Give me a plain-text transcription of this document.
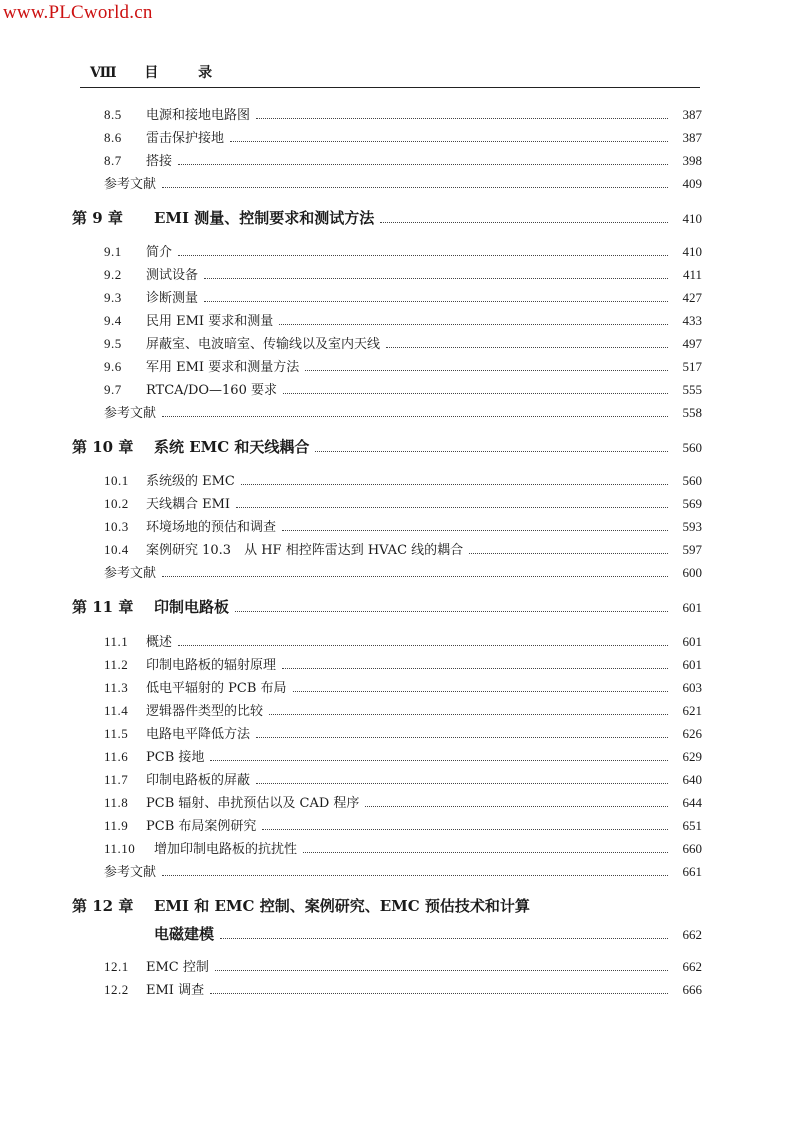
www.PLCworld.cn
Ⅷ 目	录
8.5	电源和接地电路图	387
8.6	雷击保护接地	387
8.7	搭接	398
参考文献	409
第 9 章	EMI 测量、控制要求和测试方法	410
9.1	简介	410
9.2	测试设备	411
9.3	诊断测量	427
9.4	民用 EMI 要求和测量	433
9.5	屏蔽室、电波暗室、传输线以及室内天线	497
9.6	军用 EMI 要求和测量方法	517
9.7	RTCA/DO—160 要求	555
参考文献	558
第 10 章	系统 EMC 和天线耦合	560
10.1	系统级的 EMC	560
10.2	天线耦合 EMI	569
10.3	环境场地的预估和调查	593
10.4	案例研究 10.3　从 HF 相控阵雷达到 HVAC 线的耦合	597
参考文献	600
第 11 章	印制电路板	601
11.1	概述	601
11.2	印制电路板的辐射原理	601
11.3	低电平辐射的 PCB 布局	603
11.4	逻辑器件类型的比较	621
11.5	电路电平降低方法	626
11.6	PCB 接地	629
11.7	印制电路板的屏蔽	640
11.8	PCB 辐射、串扰预估以及 CAD 程序	644
11.9	PCB 布局案例研究	651
11.10	增加印制电路板的抗扰性	660
参考文献	661
第 12 章	EMI 和 EMC 控制、案例研究、EMC 预估技术和计算
电磁建模	662
12.1	EMC 控制	662
12.2	EMI 调查	666
